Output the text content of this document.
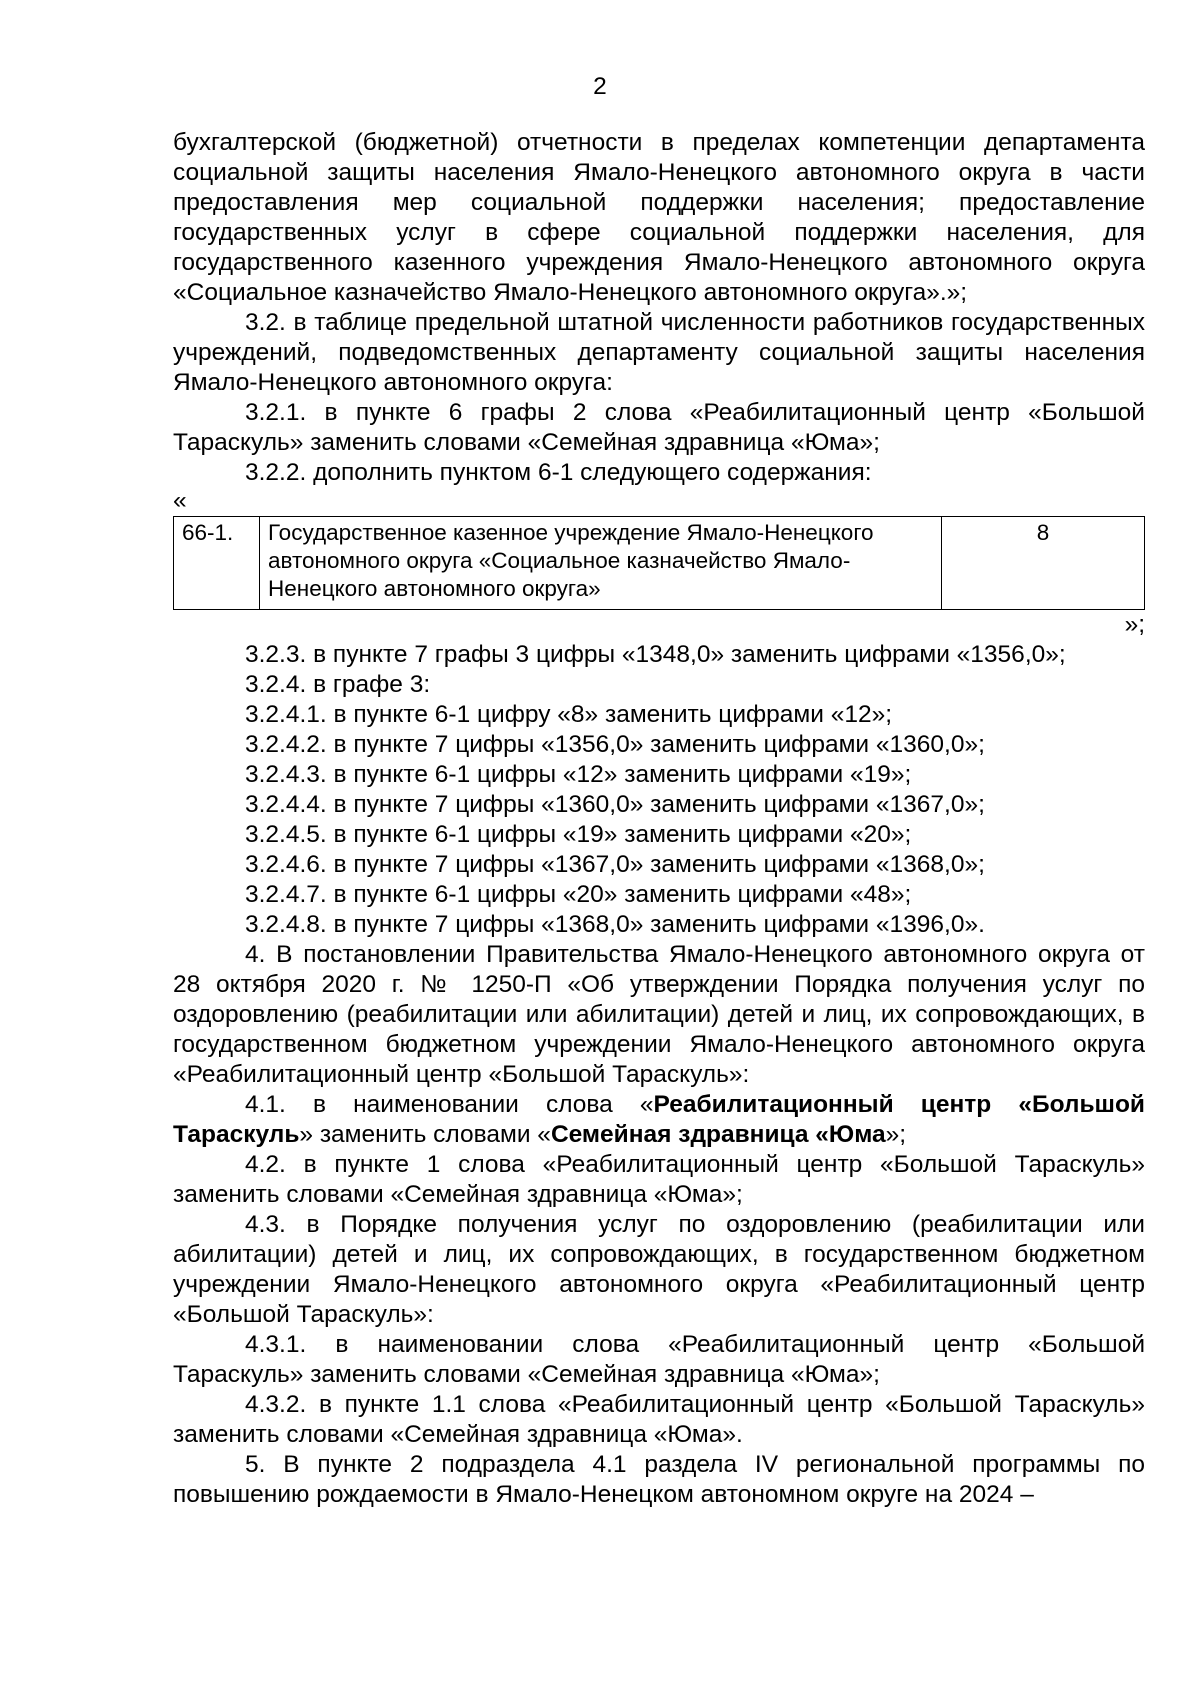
2

бухгалтерской (бюджетной) отчетности в пределах компетенции департамента социальной защиты населения Ямало-Ненецкого автономного округа в части предоставления мер социальной поддержки населения; предоставление государственных услуг в сфере социальной поддержки населения, для государственного казенного учреждения Ямало-Ненецкого автономного округа «Социальное казначейство Ямало-Ненецкого автономного округа».»;

3.2. в таблице предельной штатной численности работников государственных учреждений, подведомственных департаменту социальной защиты населения Ямало-Ненецкого автономного округа:

3.2.1. в пункте 6 графы 2 слова «Реабилитационный центр «Большой Тараскуль» заменить словами «Семейная здравница «Юма»;

3.2.2. дополнить пунктом 6-1 следующего содержания:

«

66-1.	Государственное казенное учреждение Ямало-Ненецкого автономного округа «Социальное казначейство Ямало-Ненецкого автономного округа»	8

»;

3.2.3. в пункте 7 графы 3 цифры «1348,0» заменить цифрами «1356,0»;

3.2.4. в графе 3:

3.2.4.1. в пункте 6-1 цифру «8» заменить цифрами «12»;

3.2.4.2. в пункте 7 цифры «1356,0» заменить цифрами «1360,0»;

3.2.4.3. в пункте 6-1 цифры «12» заменить цифрами «19»;

3.2.4.4. в пункте 7 цифры «1360,0» заменить цифрами «1367,0»;

3.2.4.5. в пункте 6-1 цифры «19» заменить цифрами «20»;

3.2.4.6. в пункте 7 цифры «1367,0» заменить цифрами «1368,0»;

3.2.4.7. в пункте 6-1 цифры «20» заменить цифрами «48»;

3.2.4.8. в пункте 7 цифры «1368,0» заменить цифрами «1396,0».

4. В постановлении Правительства Ямало-Ненецкого автономного округа от 28 октября 2020 г. № 1250-П «Об утверждении Порядка получения услуг по оздоровлению (реабилитации или абилитации) детей и лиц, их сопровождающих, в государственном бюджетном учреждении Ямало-Ненецкого автономного округа «Реабилитационный центр «Большой Тараскуль»:

4.1. в наименовании слова «Реабилитационный центр «Большой Тараскуль» заменить словами «Семейная здравница «Юма»;

4.2. в пункте 1 слова «Реабилитационный центр «Большой Тараскуль» заменить словами «Семейная здравница «Юма»;

4.3. в Порядке получения услуг по оздоровлению (реабилитации или абилитации) детей и лиц, их сопровождающих, в государственном бюджетном учреждении Ямало-Ненецкого автономного округа «Реабилитационный центр «Большой Тараскуль»:

4.3.1. в наименовании слова «Реабилитационный центр «Большой Тараскуль» заменить словами «Семейная здравница «Юма»;

4.3.2. в пункте 1.1 слова «Реабилитационный центр «Большой Тараскуль» заменить словами «Семейная здравница «Юма».

5. В пункте 2 подраздела 4.1 раздела IV региональной программы по повышению рождаемости в Ямало-Ненецком автономном округе на 2024 –
